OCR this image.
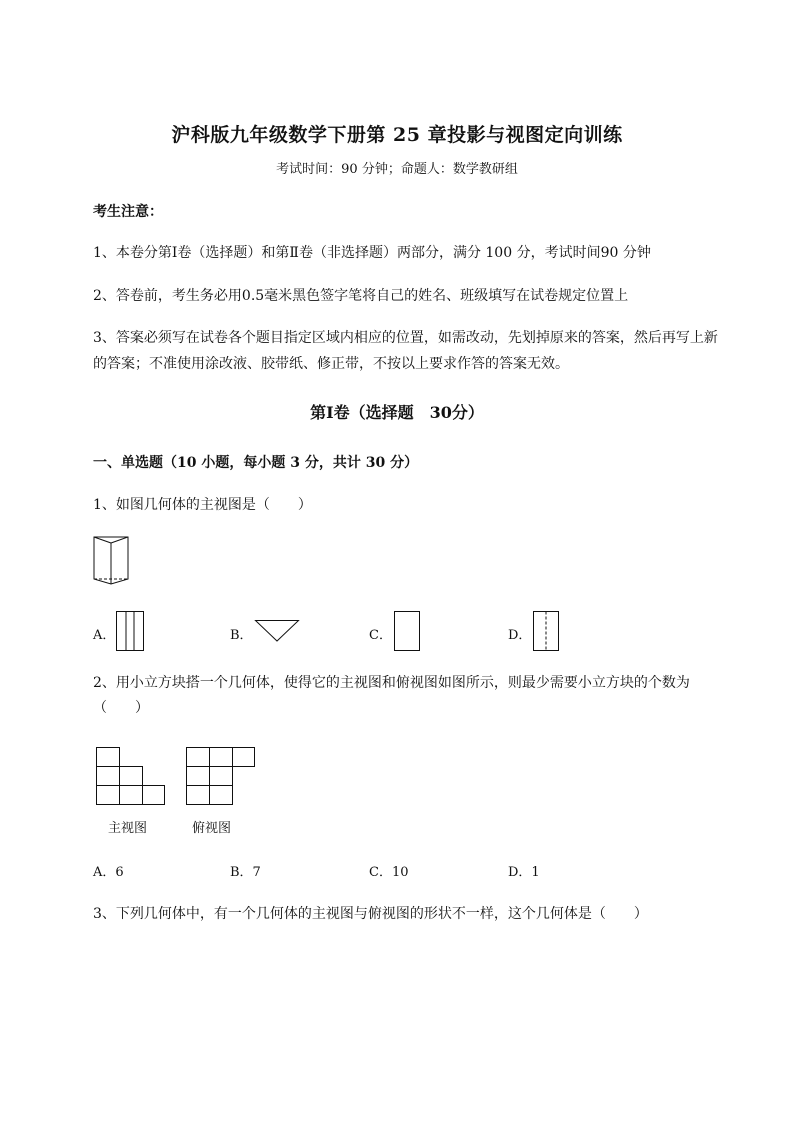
沪科版九年级数学下册第 25 章投影与视图定向训练
考试时间：90 分钟；命题人：数学教研组
考生注意：
1、本卷分第Ⅰ卷（选择题）和第Ⅱ卷（非选择题）两部分，满分 100 分，考试时间90 分钟
2、答卷前，考生务必用0.5毫米黑色签字笔将自己的姓名、班级填写在试卷规定位置上
3、答案必须写在试卷各个题目指定区域内相应的位置，如需改动，先划掉原来的答案，然后再写上新
的答案；不准使用涂改液、胶带纸、修正带，不按以上要求作答的答案无效。
第Ⅰ卷（选择题　30分）
一、单选题（10 小题，每小题 3 分，共计 30 分）
1、如图几何体的主视图是（　　）
A．	B．	C．	D．
2、用小立方块搭一个几何体，使得它的主视图和俯视图如图所示，则最少需要小立方块的个数为
（　　）
主视图	俯视图
A．6	B．7	C．10	D．1
3、下列几何体中，有一个几何体的主视图与俯视图的形状不一样，这个几何体是（　　）
